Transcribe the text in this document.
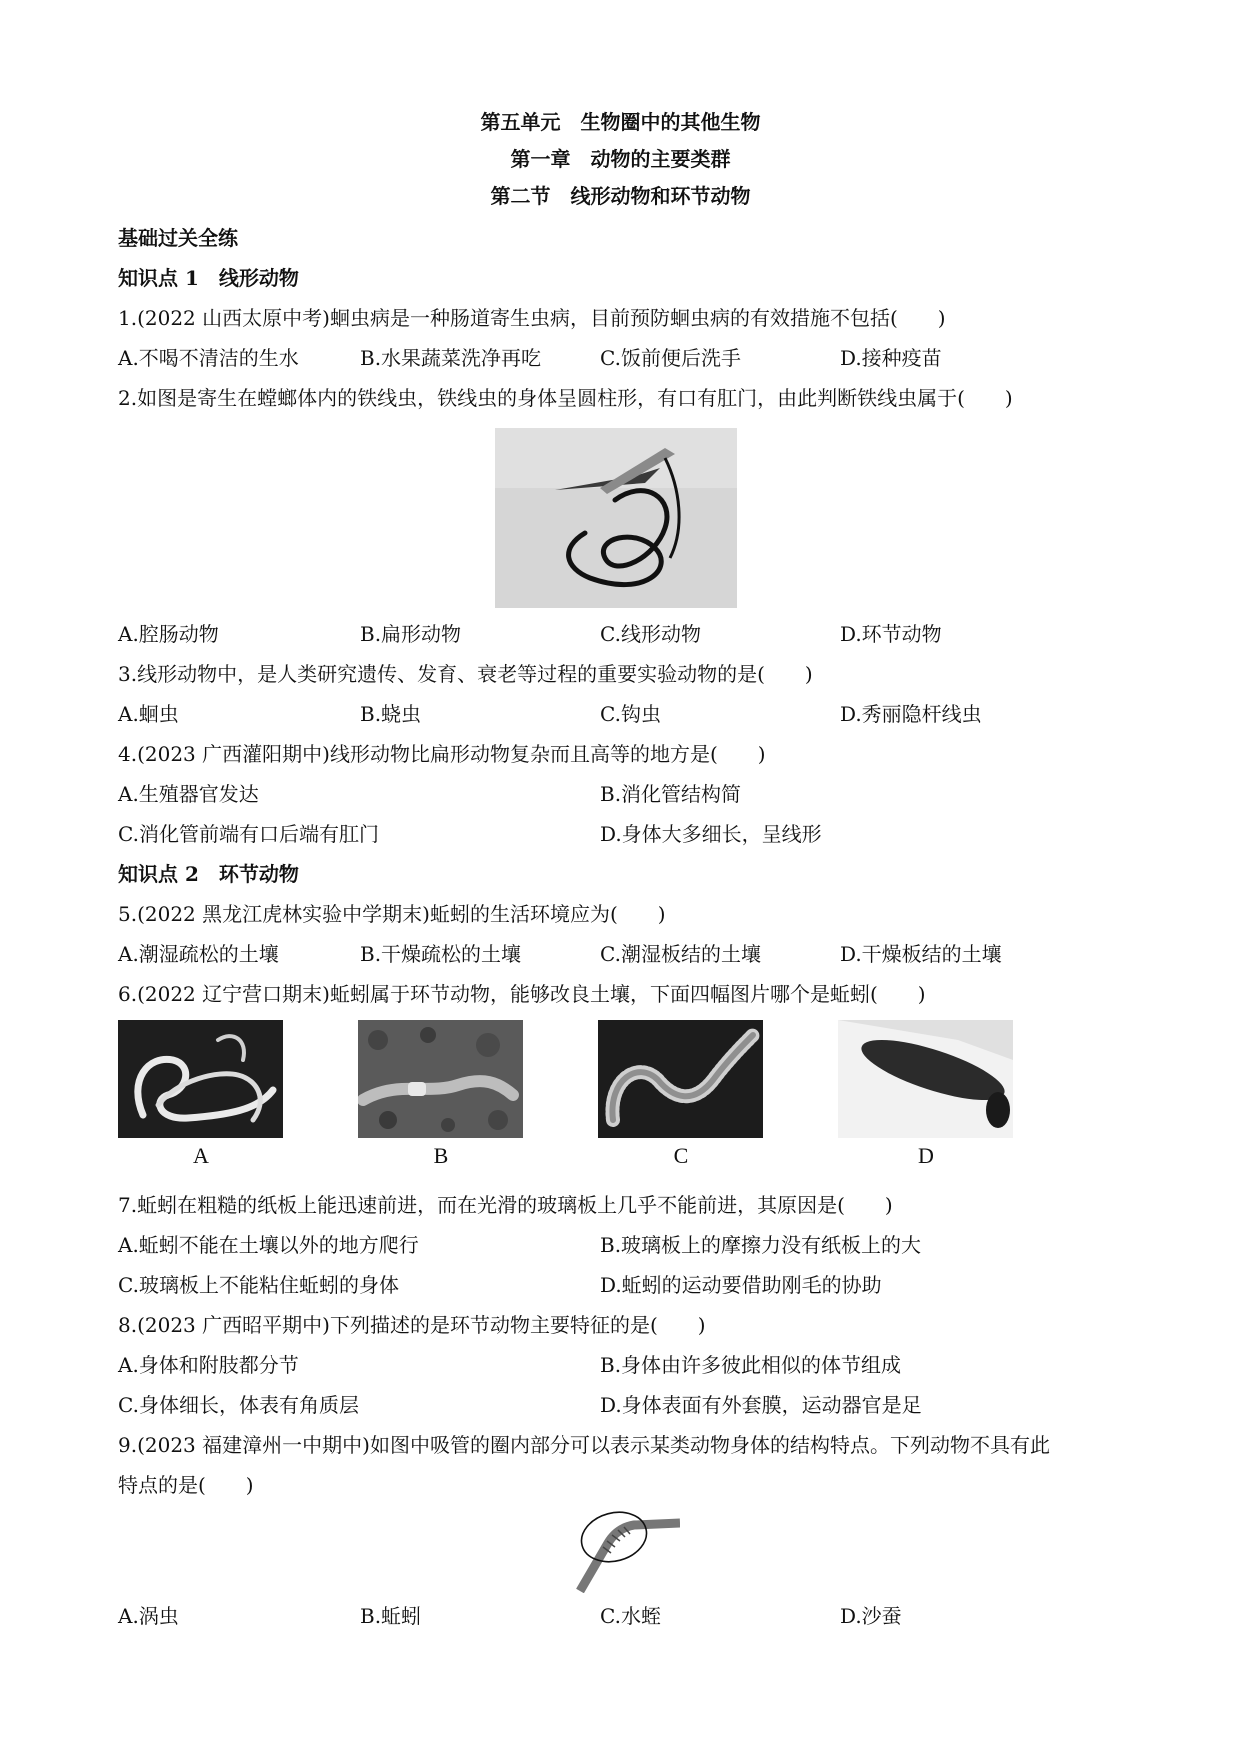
第五单元　生物圈中的其他生物
第一章　动物的主要类群
第二节　线形动物和环节动物
基础过关全练
知识点 1　线形动物
1.(2022 山西太原中考)蛔虫病是一种肠道寄生虫病，目前预防蛔虫病的有效措施不包括(　　)
A.不喝不清洁的生水	B.水果蔬菜洗净再吃	C.饭前便后洗手	D.接种疫苗
2.如图是寄生在螳螂体内的铁线虫，铁线虫的身体呈圆柱形，有口有肛门，由此判断铁线虫属于(　　)
A.腔肠动物	B.扁形动物	C.线形动物	D.环节动物
3.线形动物中，是人类研究遗传、发育、衰老等过程的重要实验动物的是(　　)
A.蛔虫	B.蛲虫	C.钩虫	D.秀丽隐杆线虫
4.(2023 广西灌阳期中)线形动物比扁形动物复杂而且高等的地方是(　　)
A.生殖器官发达	B.消化管结构简
C.消化管前端有口后端有肛门	D.身体大多细长，呈线形
知识点 2　环节动物
5.(2022 黑龙江虎林实验中学期末)蚯蚓的生活环境应为(　　)
A.潮湿疏松的土壤	B.干燥疏松的土壤	C.潮湿板结的土壤	D.干燥板结的土壤
6.(2022 辽宁营口期末)蚯蚓属于环节动物，能够改良土壤，下面四幅图片哪个是蚯蚓(　　)
A	B	C	D
7.蚯蚓在粗糙的纸板上能迅速前进，而在光滑的玻璃板上几乎不能前进，其原因是(　　)
A.蚯蚓不能在土壤以外的地方爬行	B.玻璃板上的摩擦力没有纸板上的大
C.玻璃板上不能粘住蚯蚓的身体	D.蚯蚓的运动要借助刚毛的协助
8.(2023 广西昭平期中)下列描述的是环节动物主要特征的是(　　)
A.身体和附肢都分节	B.身体由许多彼此相似的体节组成
C.身体细长，体表有角质层	D.身体表面有外套膜，运动器官是足
9.(2023 福建漳州一中期中)如图中吸管的圈内部分可以表示某类动物身体的结构特点。下列动物不具有此
特点的是(　　)
A.涡虫	B.蚯蚓	C.水蛭	D.沙蚕
